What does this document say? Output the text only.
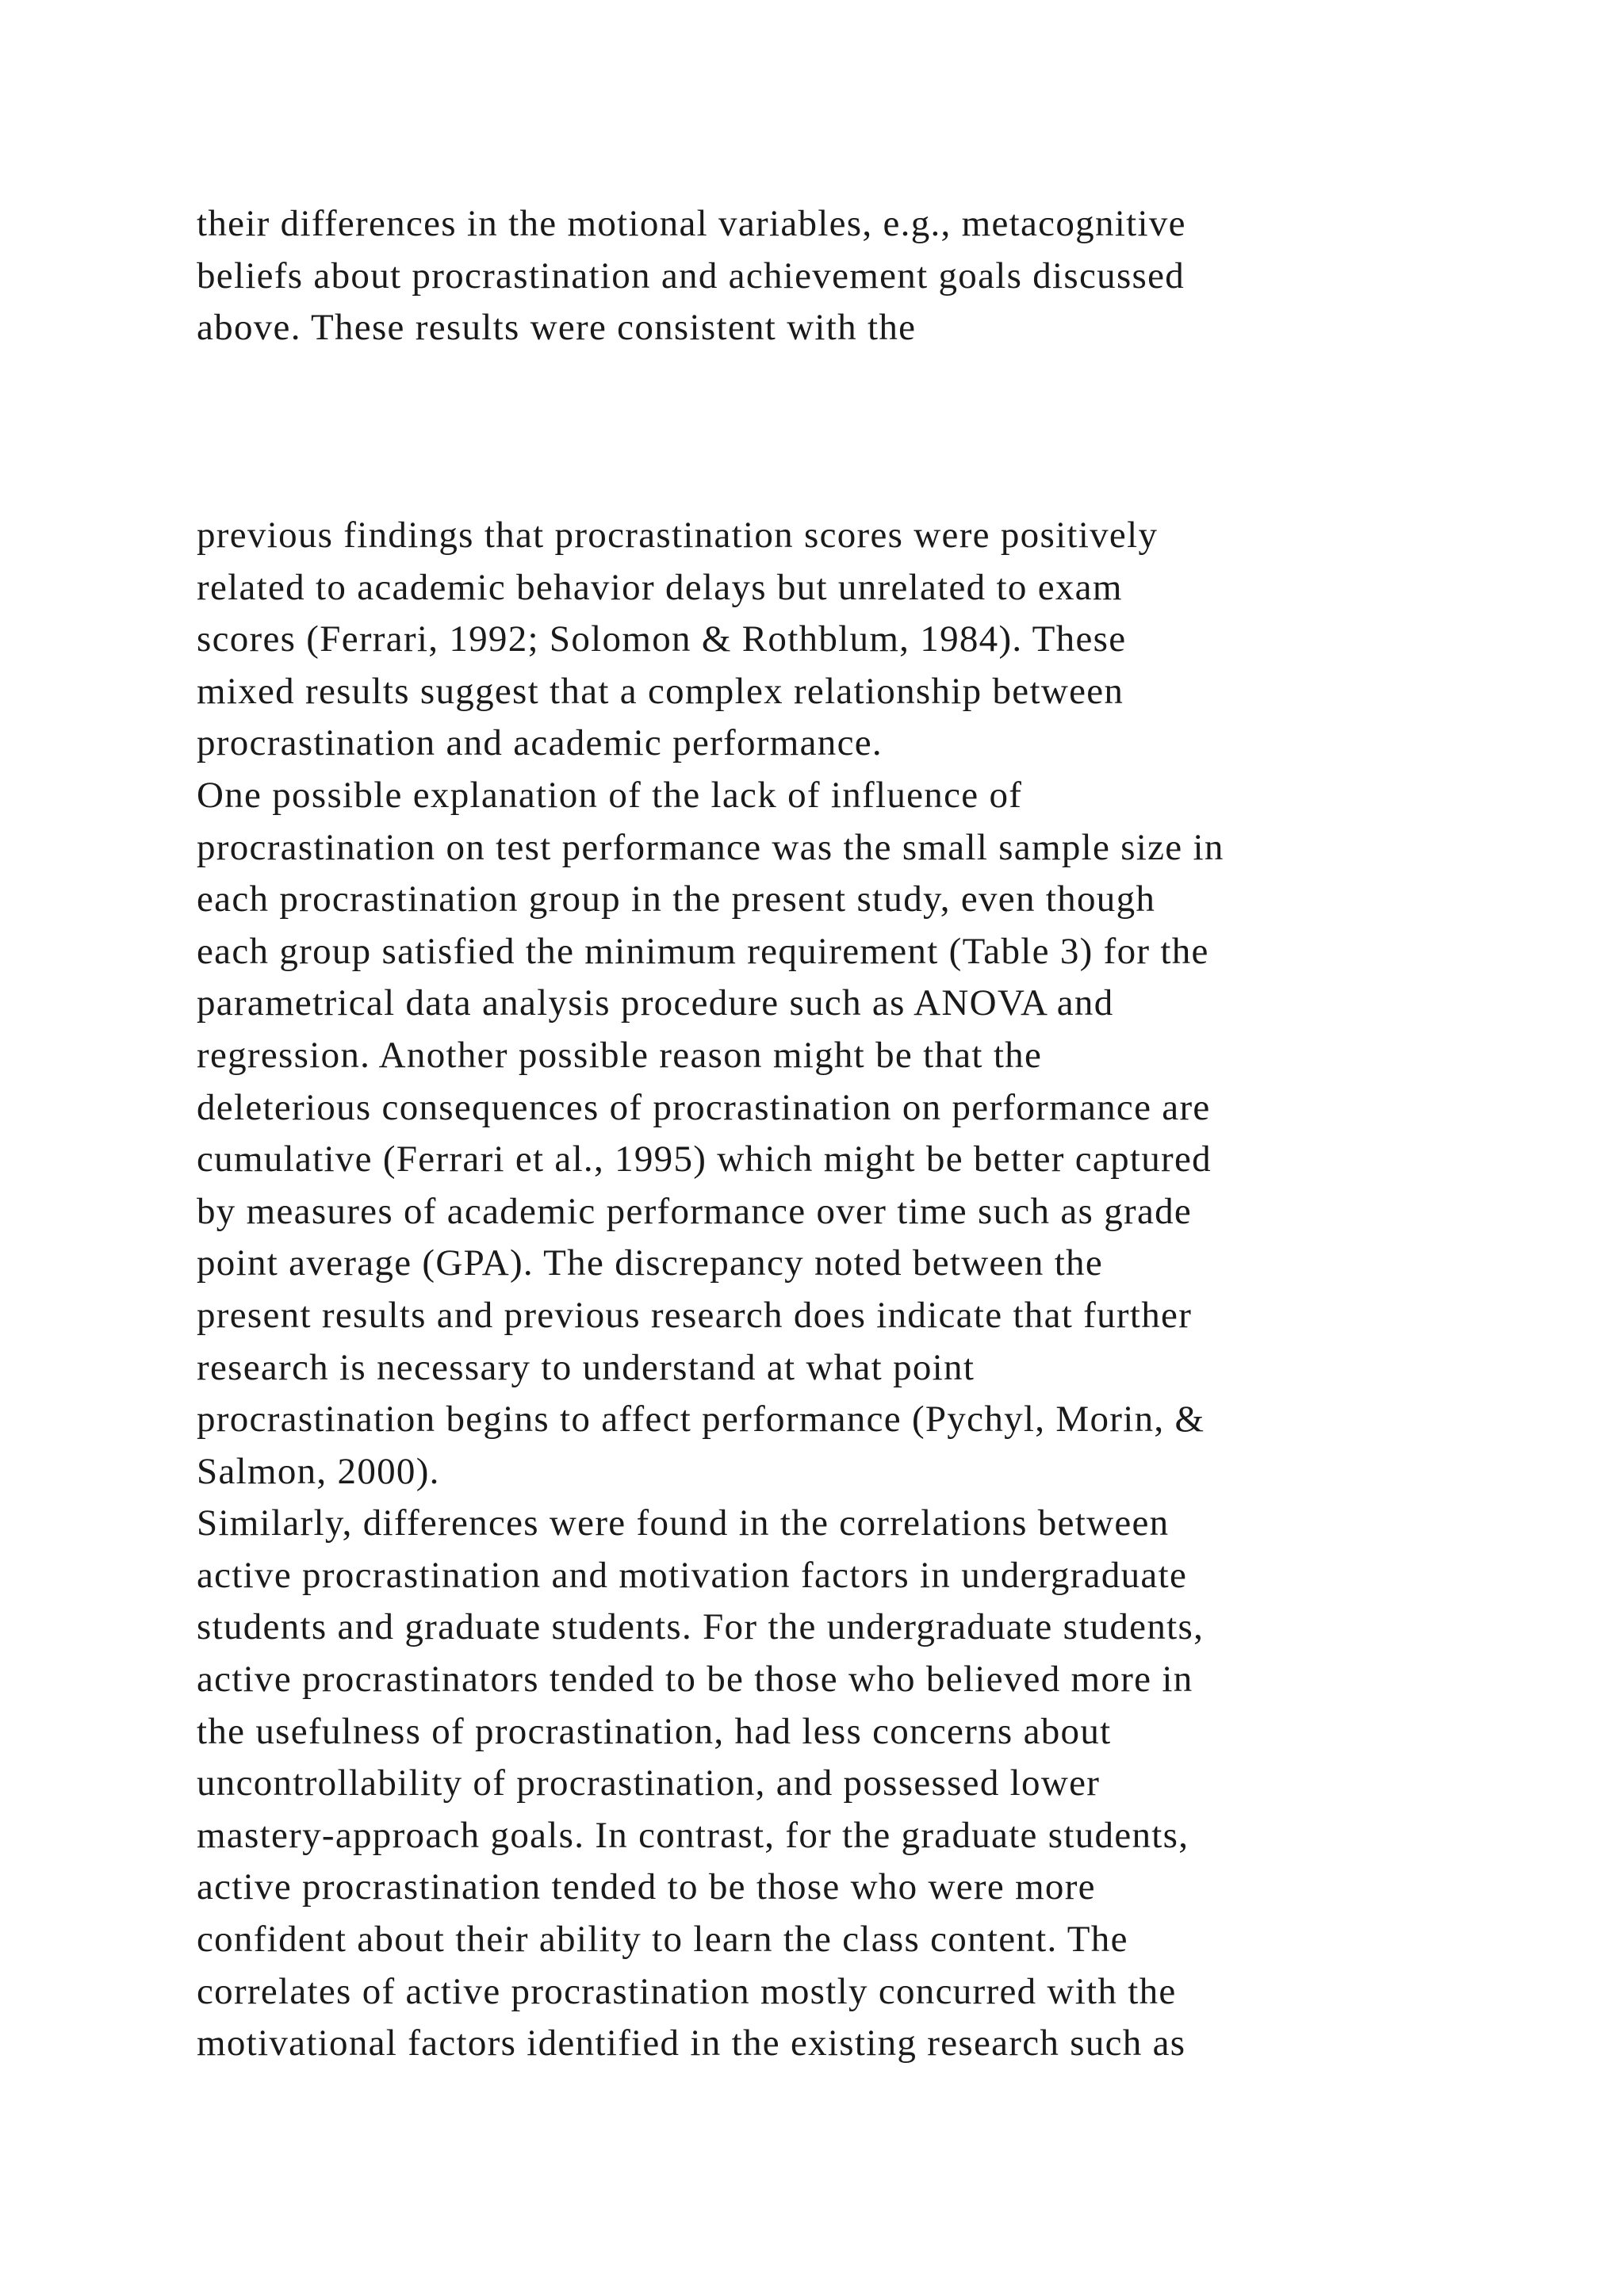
their differences in the motional variables, e.g., metacognitive
beliefs about procrastination and achievement goals discussed
above. These results were consistent with the
previous findings that procrastination scores were positively
related to academic behavior delays but unrelated to exam
scores (Ferrari, 1992; Solomon & Rothblum, 1984). These
mixed results suggest that a complex relationship between
procrastination and academic performance.
One possible explanation of the lack of influence of
procrastination on test performance was the small sample size in
each procrastination group in the present study, even though
each group satisfied the minimum requirement (Table 3) for the
parametrical data analysis procedure such as ANOVA and
regression. Another possible reason might be that the
deleterious consequences of procrastination on performance are
cumulative (Ferrari et al., 1995) which might be better captured
by measures of academic performance over time such as grade
point average (GPA). The discrepancy noted between the
present results and previous research does indicate that further
research is necessary to understand at what point
procrastination begins to affect performance (Pychyl, Morin, &
Salmon, 2000).
Similarly, differences were found in the correlations between
active procrastination and motivation factors in undergraduate
students and graduate students. For the undergraduate students,
active procrastinators tended to be those who believed more in
the usefulness of procrastination, had less concerns about
uncontrollability of procrastination, and possessed lower
mastery-approach goals. In contrast, for the graduate students,
active procrastination tended to be those who were more
confident about their ability to learn the class content. The
correlates of active procrastination mostly concurred with the
motivational factors identified in the existing research such as
